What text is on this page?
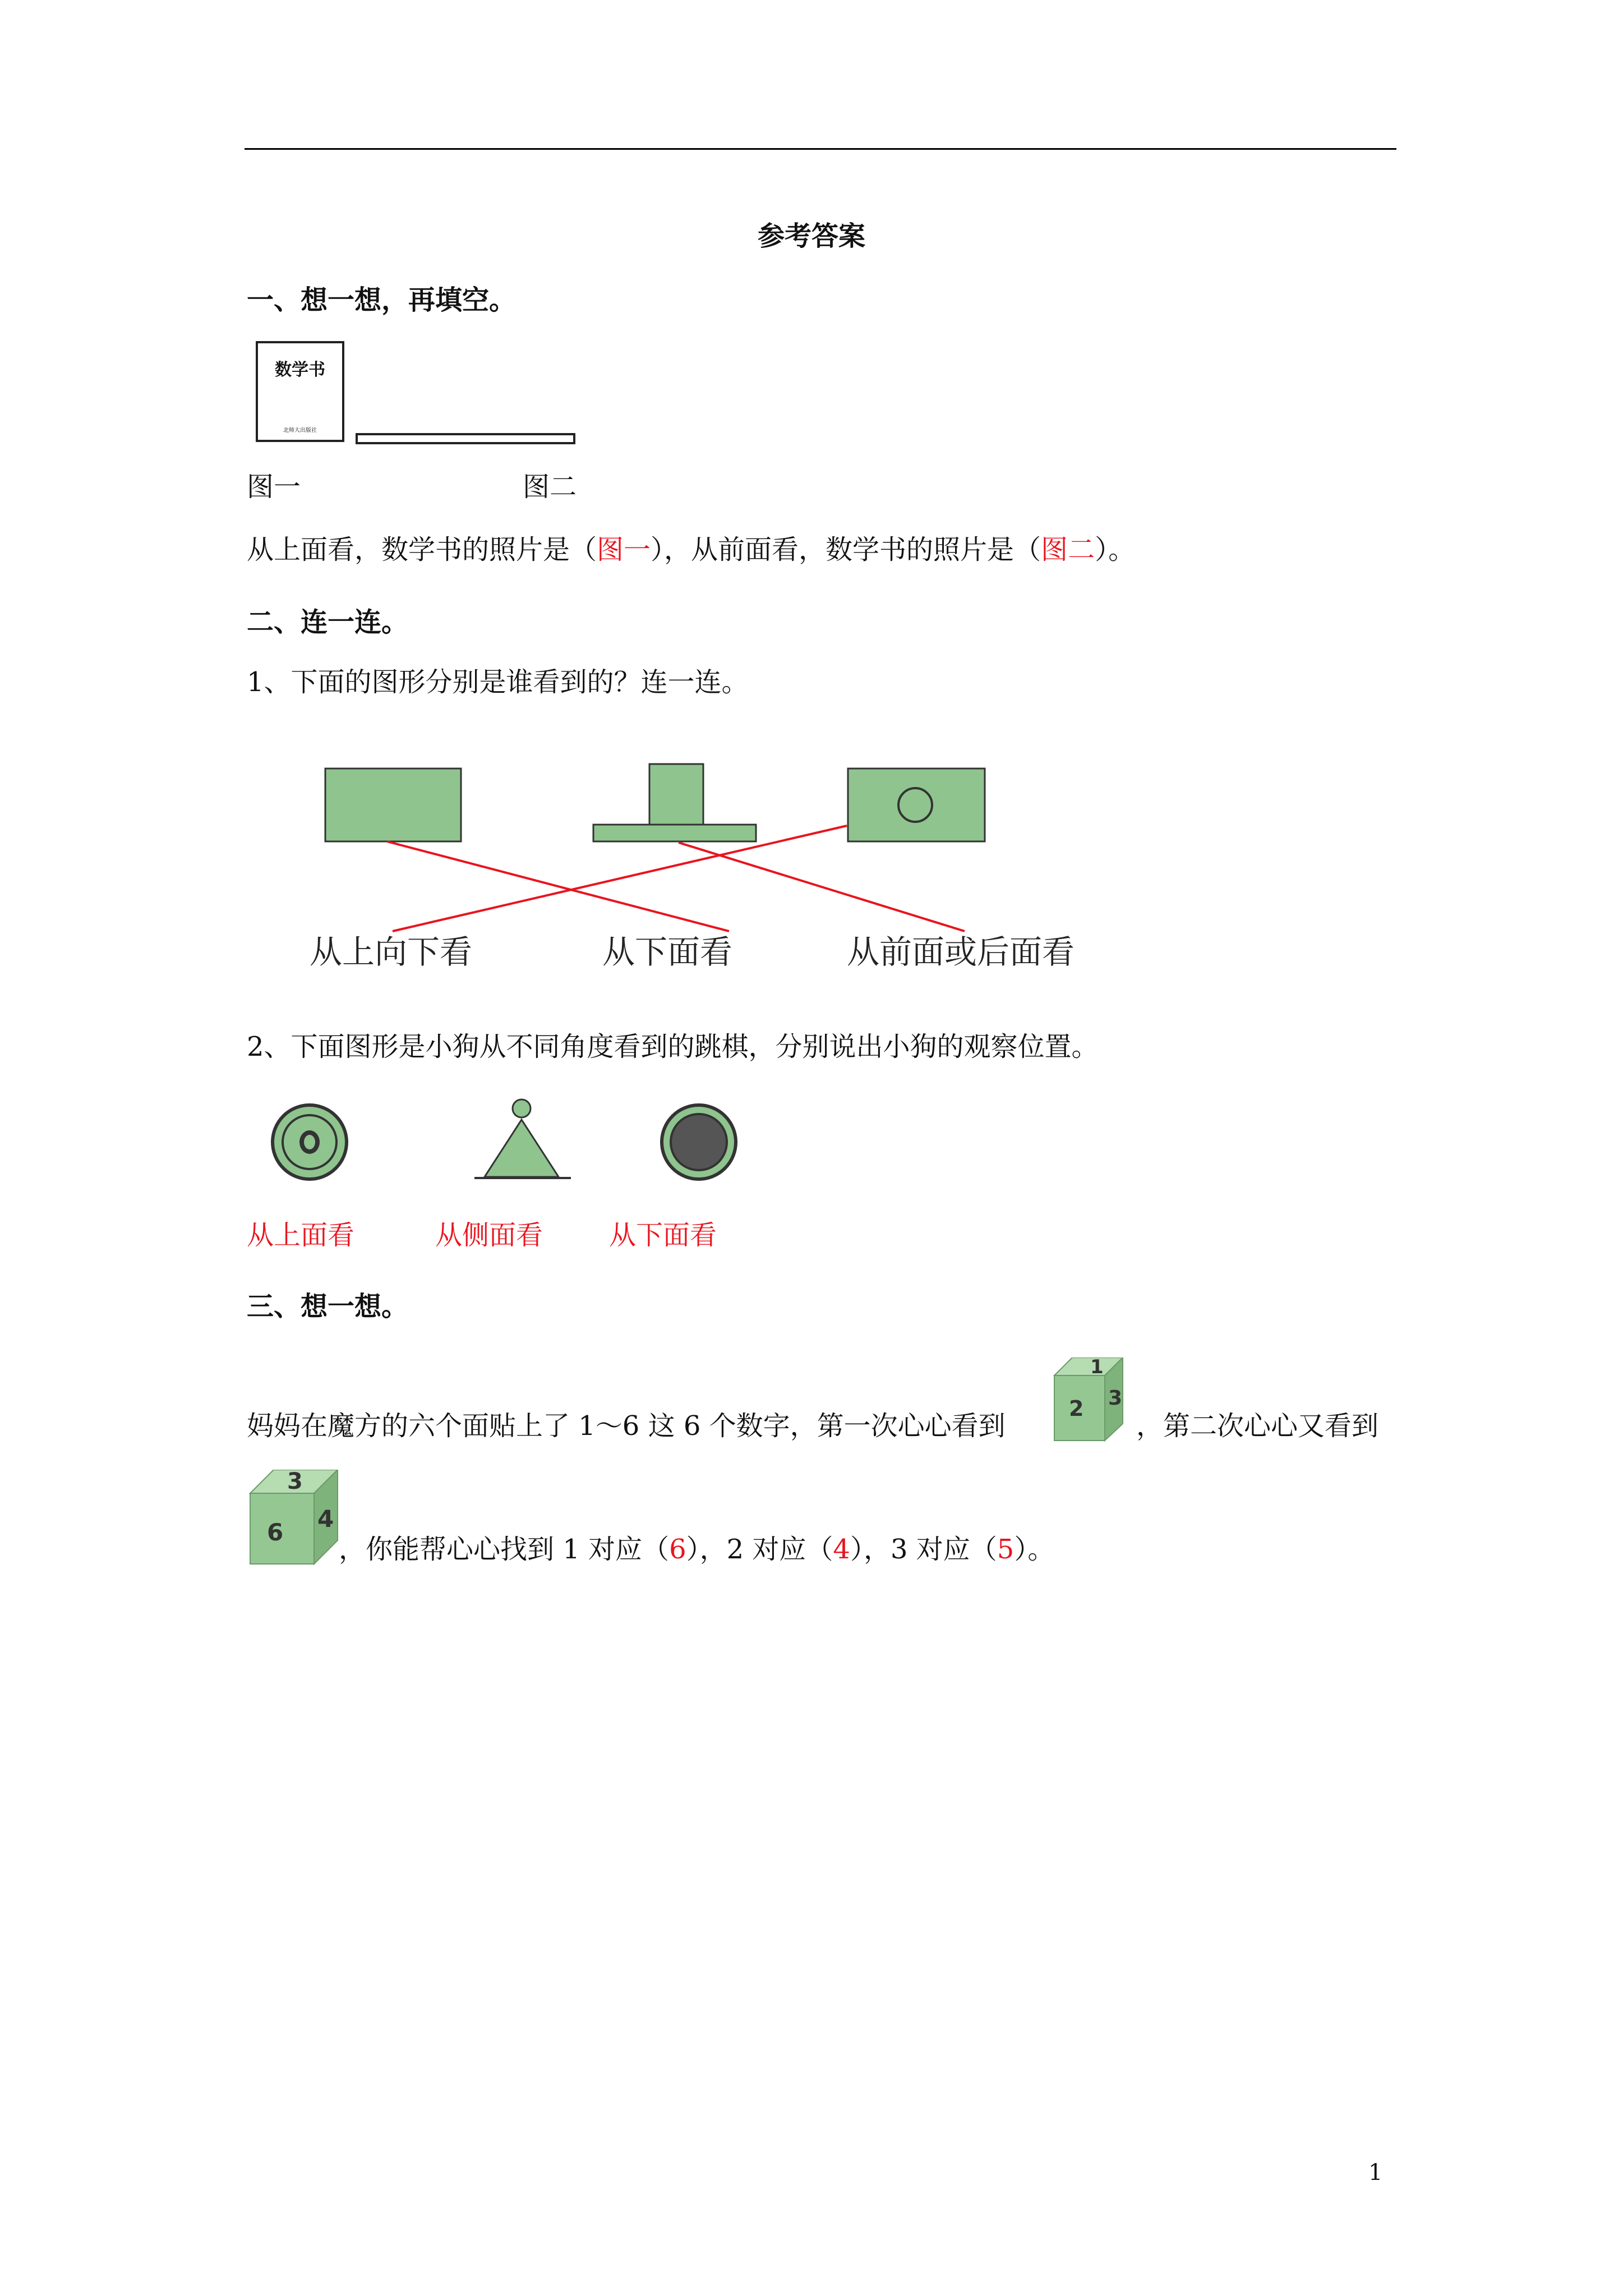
参考答案
一、想一想，再填空。
数学书
北师大出版社
图一	图二
从上面看，数学书的照片是（图一），从前面看，数学书的照片是（图二）。
二、连一连。
1、下面的图形分别是谁看到的？连一连。
从上向下看	从下面看	从前面或后面看
2、下面图形是小狗从不同角度看到的跳棋，分别说出小狗的观察位置。
从上面看	从侧面看 从下面看
三、想一想。
妈妈在魔方的六个面贴上了 1～6 这 6 个数字，第一次心心看到
1
2 3
，第二次心心又看到
3
6 4
，你能帮心心找到 1 对应（6），2 对应（4），3 对应（5）。
1
